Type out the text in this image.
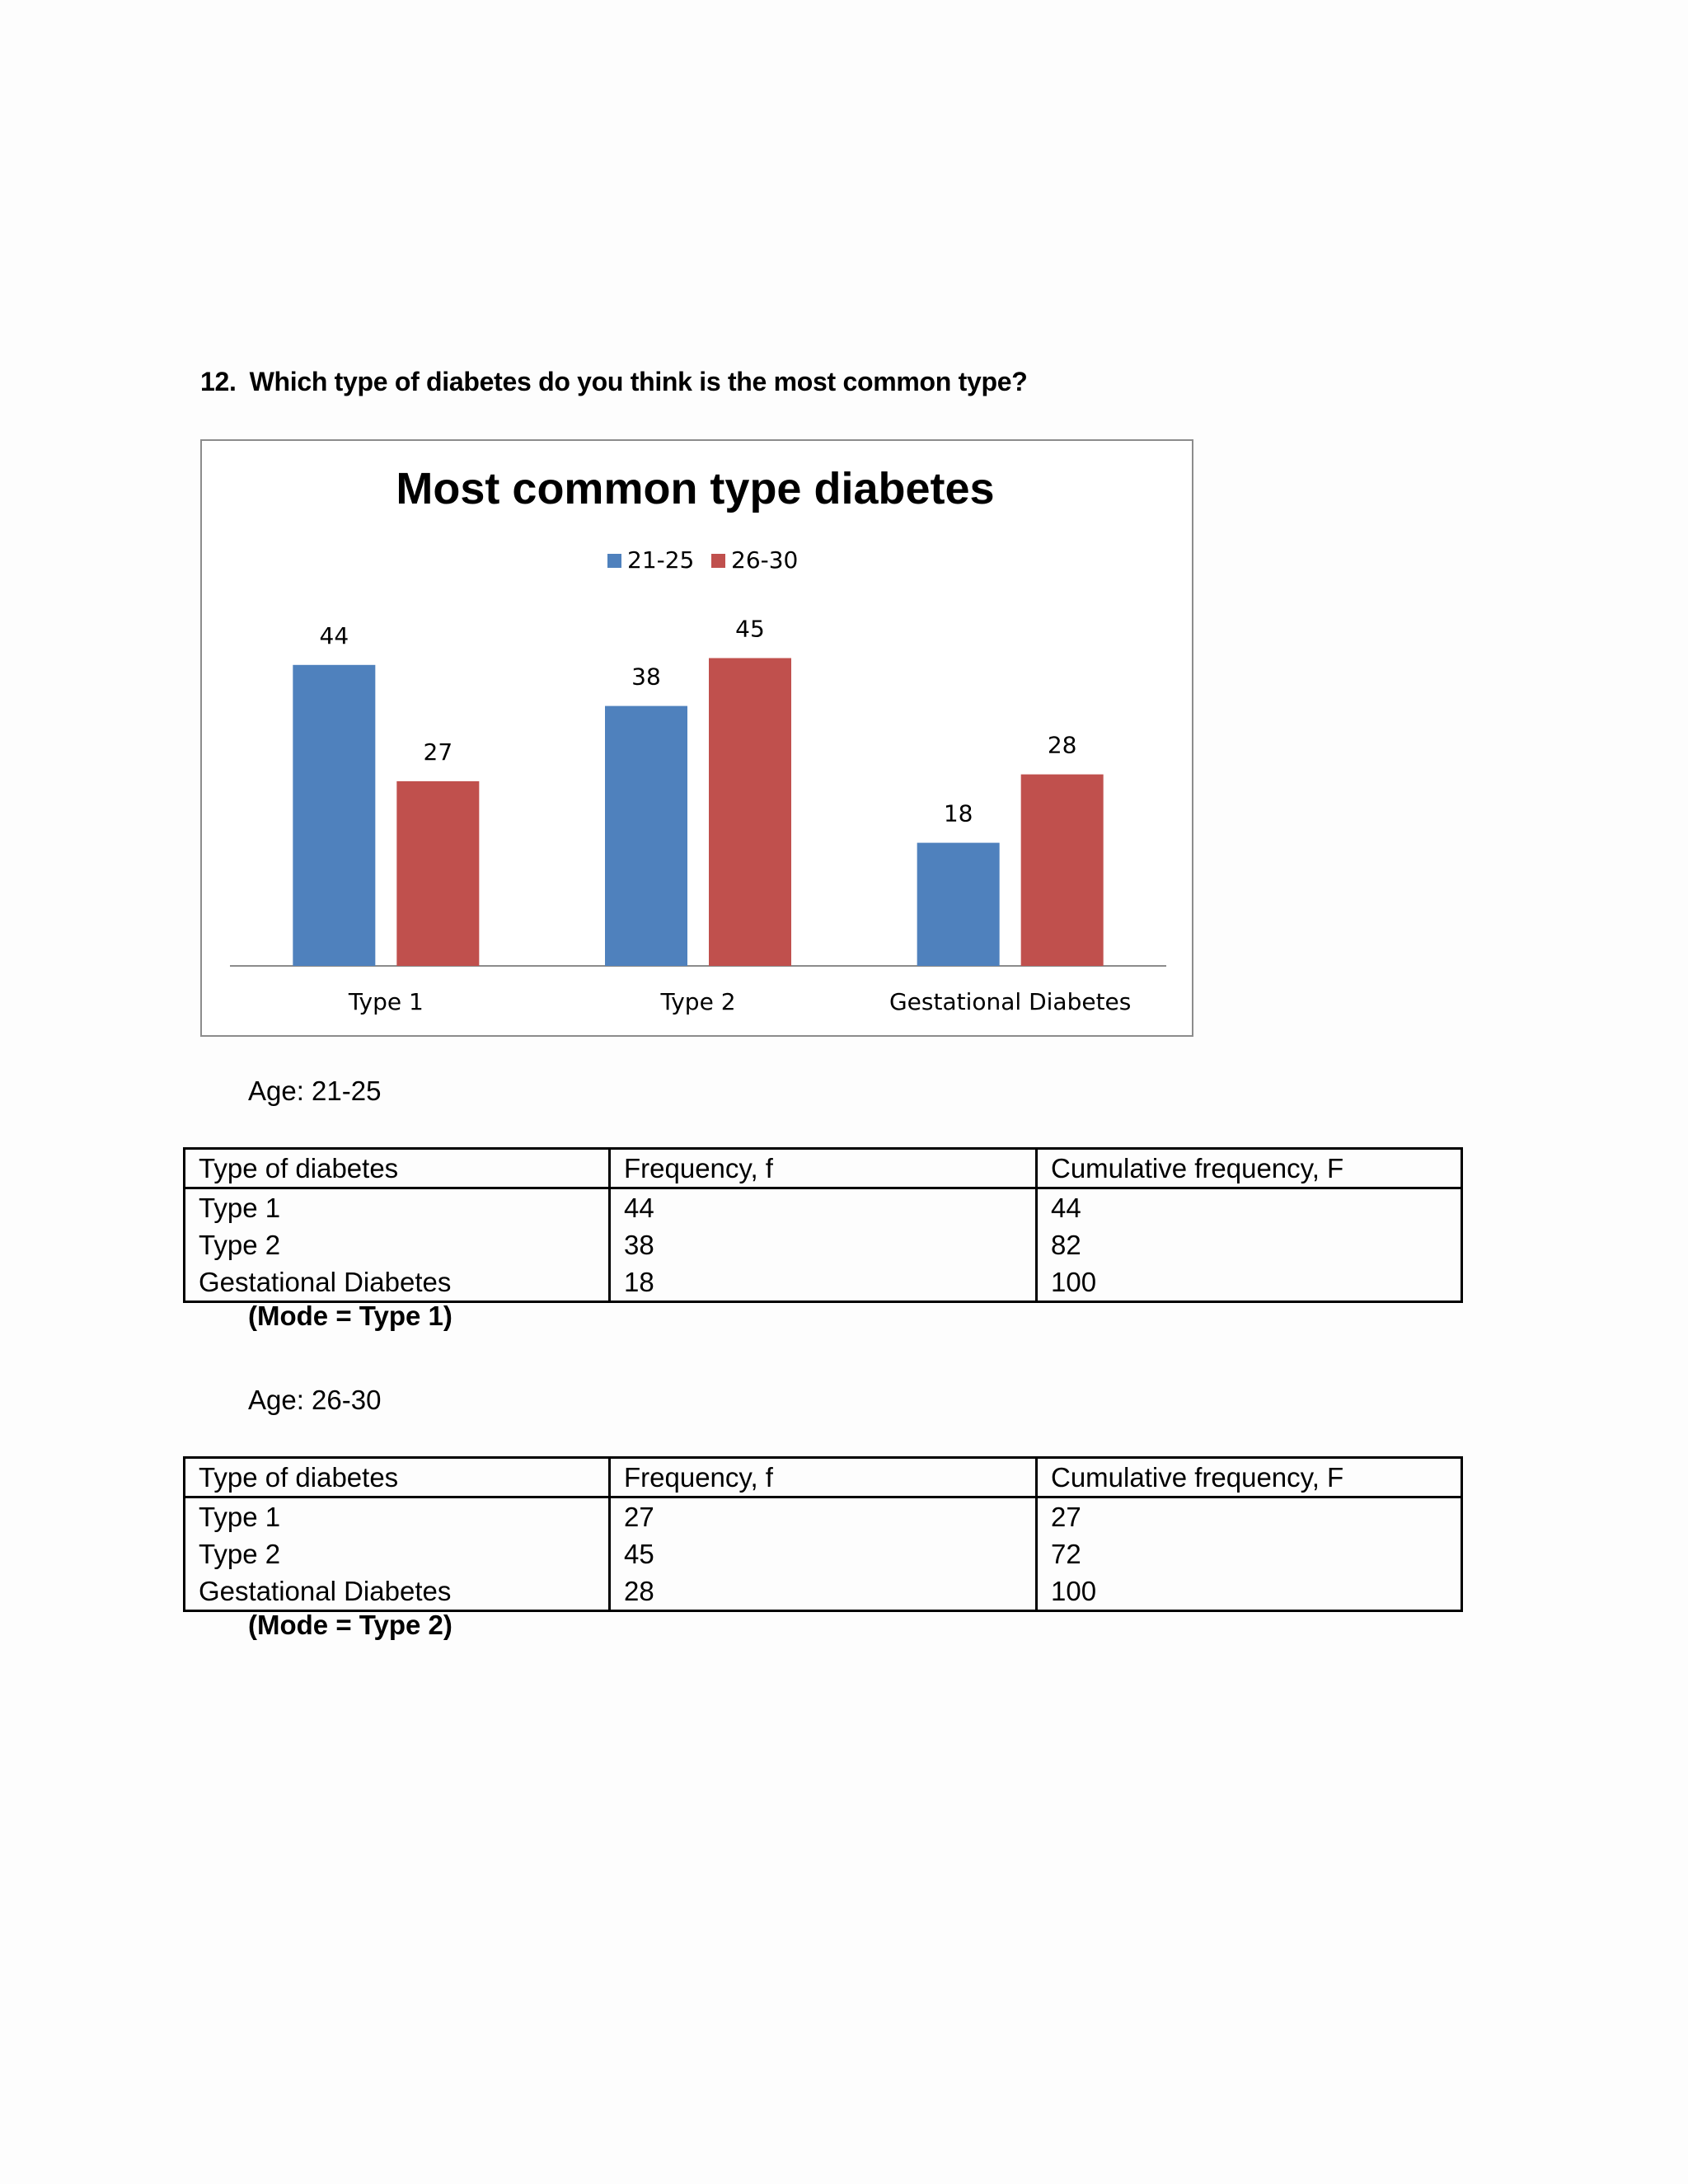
12. Which type of diabetes do you think is the most common type?
Most common type diabetes
21-25 26-30
44
27
Type 1
38
45
Type 2
18
28
Gestational Diabetes
Age: 21-25
Type of diabetes	Frequency, f	Cumulative frequency, F
Type 1	44	44
Type 2	38	82
Gestational Diabetes	18	100
(Mode = Type 1)
Age: 26-30
Type of diabetes	Frequency, f	Cumulative frequency, F
Type 1	27	27
Type 2	45	72
Gestational Diabetes	28	100
(Mode = Type 2)
